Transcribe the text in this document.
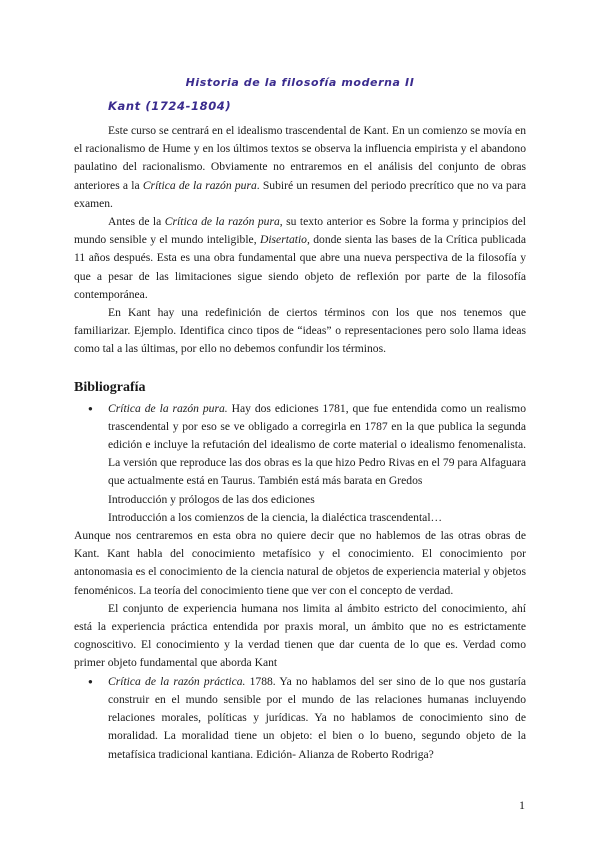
Historia de la filosofía moderna II
Kant (1724-1804)

Este curso se centrará en el idealismo trascendental de Kant. En un comienzo se movía en el racionalismo de Hume y en los últimos textos se observa la influencia empirista y el abandono paulatino del racionalismo. Obviamente no entraremos en el análisis del conjunto de obras anteriores a la Crítica de la razón pura. Subiré un resumen del periodo precrítico que no va para examen.

Antes de la Crítica de la razón pura, su texto anterior es Sobre la forma y principios del mundo sensible y el mundo inteligible, Disertatio, donde sienta las bases de la Crítica publicada 11 años después. Esta es una obra fundamental que abre una nueva perspectiva de la filosofía y que a pesar de las limitaciones sigue siendo objeto de reflexión por parte de la filosofía contemporánea.

En Kant hay una redefinición de ciertos términos con los que nos tenemos que familiarizar. Ejemplo. Identifica cinco tipos de “ideas” o representaciones pero solo llama ideas como tal a las últimas, por ello no debemos confundir los términos.

Bibliografía

● Crítica de la razón pura. Hay dos ediciones 1781, que fue entendida como un realismo trascendental y por eso se ve obligado a corregirla en 1787 en la que publica la segunda edición e incluye la refutación del idealismo de corte material o idealismo fenomenalista. La versión que reproduce las dos obras es la que hizo Pedro Rivas en el 79 para Alfaguara que actualmente está en Taurus. También está más barata en Gredos

Introducción y prólogos de las dos ediciones

Introducción a los comienzos de la ciencia, la dialéctica trascendental…

Aunque nos centraremos en esta obra no quiere decir que no hablemos de las otras obras de Kant. Kant habla del conocimiento metafísico y el conocimiento. El conocimiento por antonomasia es el conocimiento de la ciencia natural de objetos de experiencia material y objetos fenoménicos. La teoría del conocimiento tiene que ver con el concepto de verdad.

El conjunto de experiencia humana nos limita al ámbito estricto del conocimiento, ahí está la experiencia práctica entendida por praxis moral, un ámbito que no es estrictamente cognoscitivo. El conocimiento y la verdad tienen que dar cuenta de lo que es. Verdad como primer objeto fundamental que aborda Kant

● Crítica de la razón práctica. 1788. Ya no hablamos del ser sino de lo que nos gustaría construir en el mundo sensible por el mundo de las relaciones humanas incluyendo relaciones morales, políticas y jurídicas. Ya no hablamos de conocimiento sino de moralidad. La moralidad tiene un objeto: el bien o lo bueno, segundo objeto de la metafísica tradicional kantiana. Edición- Alianza de Roberto Rodriga?

1
